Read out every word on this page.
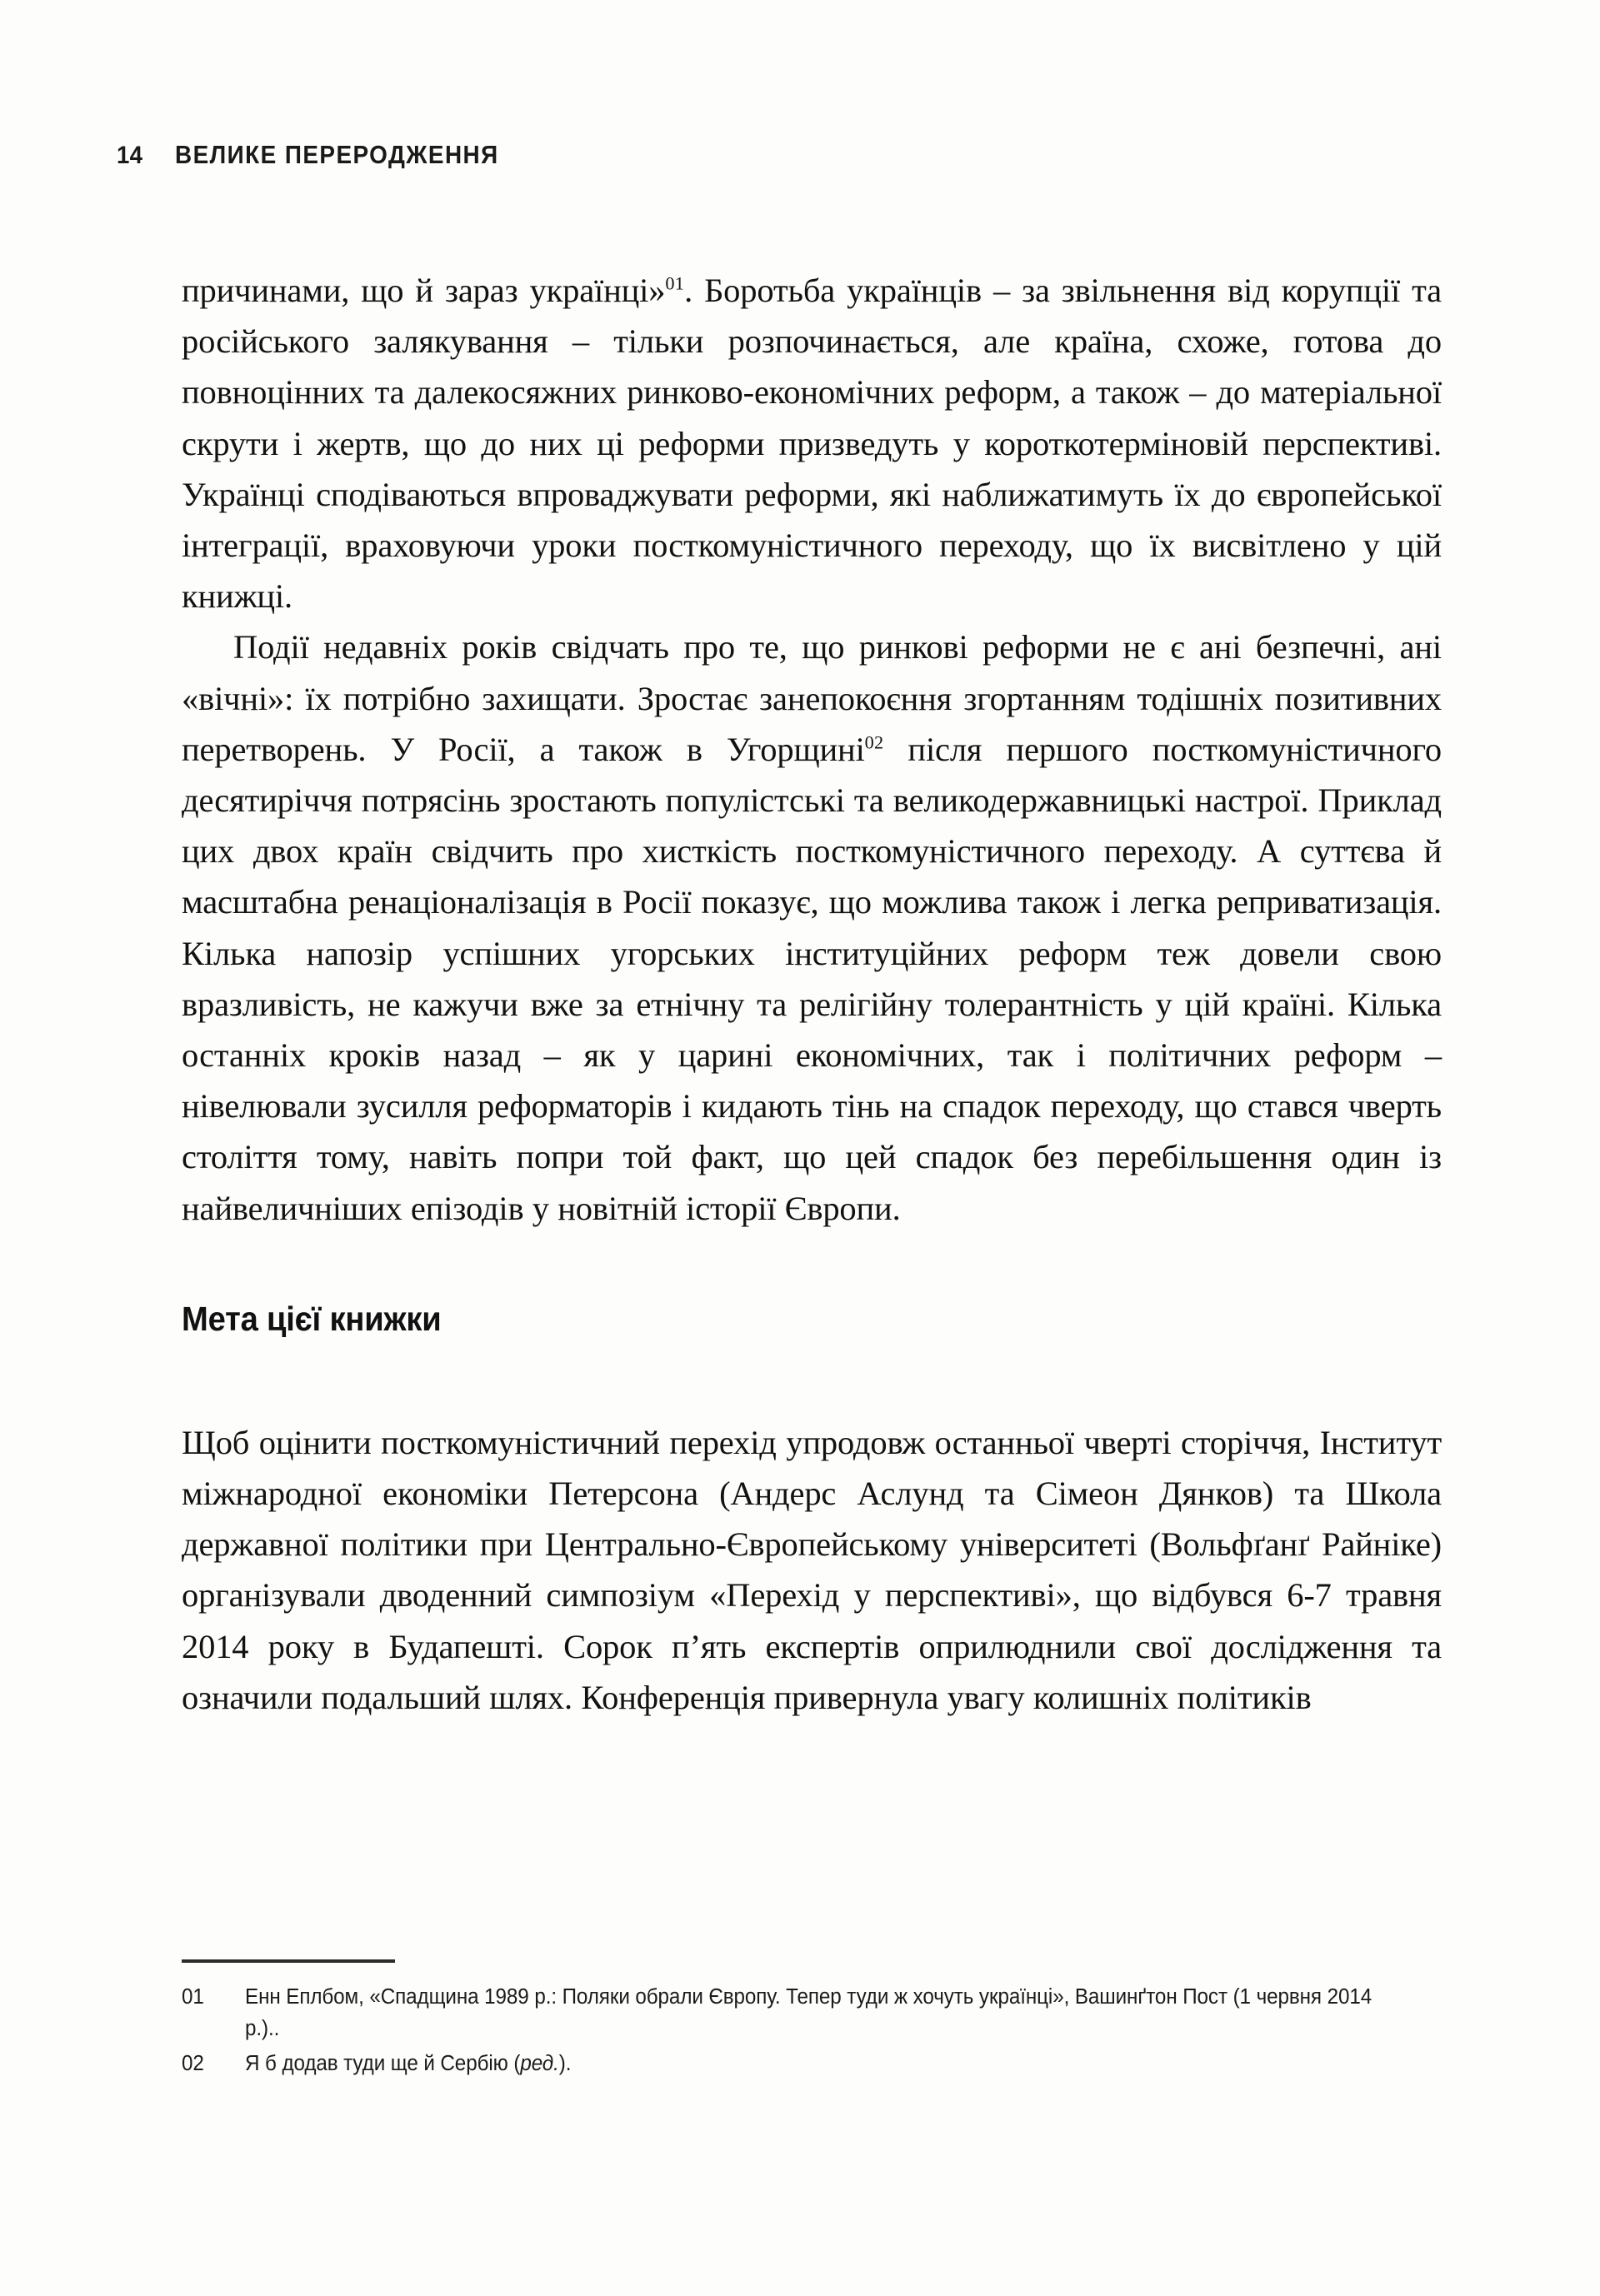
14 ВЕЛИКЕ ПЕРЕРОДЖЕННЯ

причинами, що й зараз українці»$^{01}$. Боротьба українців – за звільнення від корупції та російського залякування – тільки розпочинається, але країна, схоже, готова до повноцінних та далекосяжних ринково-економічних реформ, а також – до матеріальної скрути і жертв, що до них ці реформи призведуть у короткотерміновій перспективі. Українці сподіваються впроваджувати реформи, які наближатимуть їх до європейської інтеграції, враховуючи уроки посткомуністичного переходу, що їх висвітлено у цій книжці.

Події недавніх років свідчать про те, що ринкові реформи не є ані безпечні, ані «вічні»: їх потрібно захищати. Зростає занепокоєння згортанням тодішніх позитивних перетворень. У Росії, а також в Угорщині$^{02}$ після першого посткомуністичного десятиріччя потрясінь зростають популістські та великодержавницькі настрої. Приклад цих двох країн свідчить про хисткість посткомуністичного переходу. А суттєва й масштабна ренаціоналізація в Росії показує, що можлива також і легка реприватизація. Кілька напозір успішних угорських інституційних реформ теж довели свою вразливість, не кажучи вже за етнічну та релігійну толерантність у цій країні. Кілька останніх кроків назад – як у царині економічних, так і політичних реформ – нівелювали зусилля реформаторів і кидають тінь на спадок переходу, що стався чверть століття тому, навіть попри той факт, що цей спадок без перебільшення один із найвеличніших епізодів у новітній історії Європи.

Мета цієї книжки

Щоб оцінити посткомуністичний перехід упродовж останньої чверті сторіччя, Інститут міжнародної економіки Петерсона (Андерс Аслунд та Сімеон Дянков) та Школа державної політики при Центрально-Європейському університеті (Вольфґанґ Райніке) організували дводенний симпозіум «Перехід у перспективі», що відбувся 6-7 травня 2014 року в Будапешті. Сорок п’ять експертів оприлюднили свої дослідження та означили подальший шлях. Конференція привернула увагу колишніх політиків

01	Енн Еплбом, «Спадщина 1989 р.: Поляки обрали Європу. Тепер туди ж хочуть українці», Вашинґтон Пост (1 червня 2014 р.)..
02	Я б додав туди ще й Сербію (ред.).
